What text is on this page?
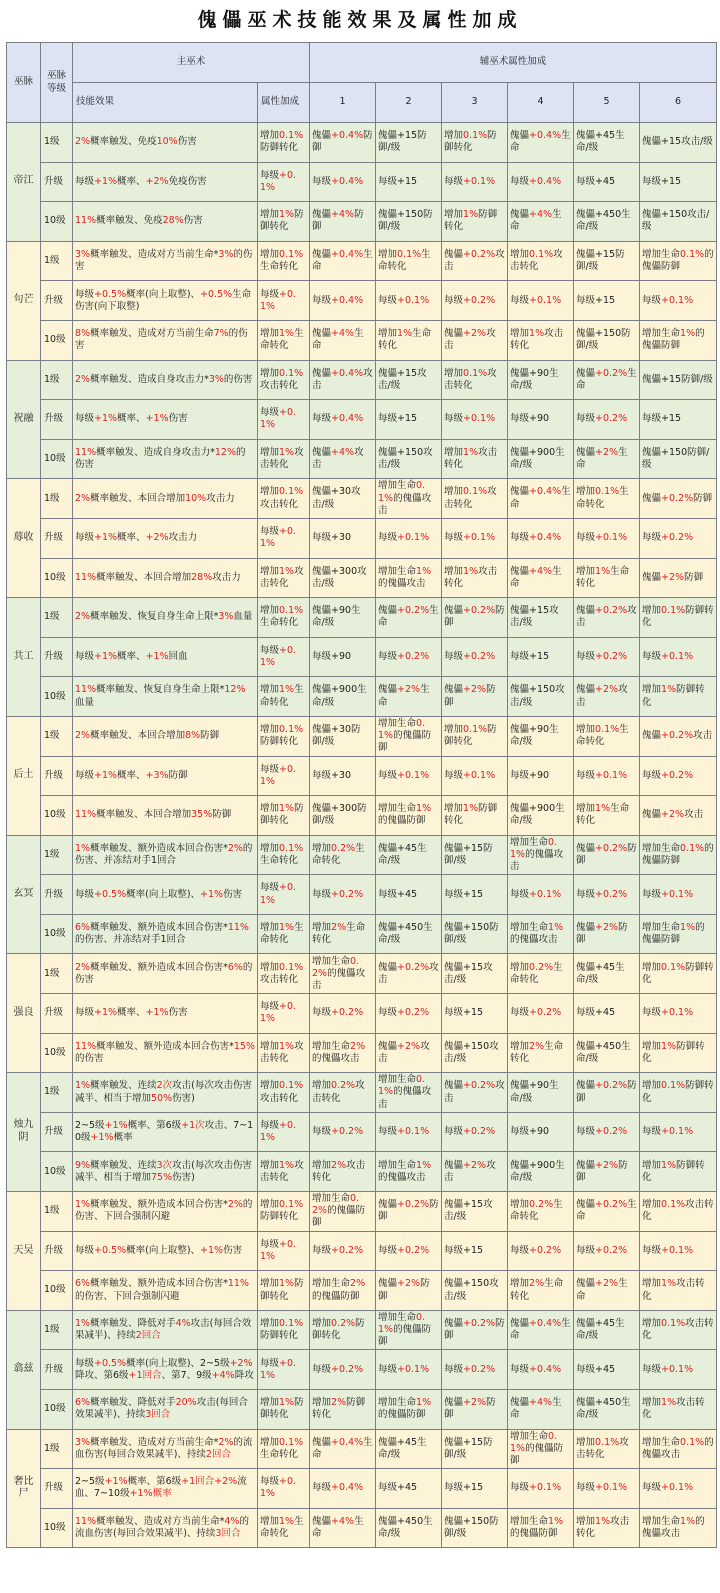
傀儡巫术技能效果及属性加成
巫脉	巫脉等级	主巫术		辅巫术属性加成					
		技能效果	属性加成	1	2	3	4	5	6
帝江	1级	2%概率触发、免疫10%伤害	增加0.1%防御转化	傀儡+0.4%防御	傀儡+15防御/级	增加0.1%防御转化	傀儡+0.4%生命	傀儡+45生命/级	傀儡+15攻击/级
	升级	每级+1%概率、+2%免疫伤害	每级+0.1%	每级+0.4%	每级+15	每级+0.1%	每级+0.4%	每级+45	每级+15
	10级	11%概率触发、免疫28%伤害	增加1%防御转化	傀儡+4%防御	傀儡+150防御/级	增加1%防御转化	傀儡+4%生命	傀儡+450生命/级	傀儡+150攻击/级
句芒	1级	3%概率触发、造成对方当前生命*3%的伤害	增加0.1%生命转化	傀儡+0.4%生命	增加0.1%生命转化	傀儡+0.2%攻击	增加0.1%攻击转化	傀儡+15防御/级	增加生命0.1%的傀儡防御
	升级	每级+0.5%概率(向上取整)、+0.5%生命伤害(向下取整)	每级+0.1%	每级+0.4%	每级+0.1%	每级+0.2%	每级+0.1%	每级+15	每级+0.1%
	10级	8%概率触发、造成对方当前生命7%的伤害	增加1%生命转化	傀儡+4%生命	增加1%生命转化	傀儡+2%攻击	增加1%攻击转化	傀儡+150防御/级	增加生命1%的傀儡防御
祝融	1级	2%概率触发、造成自身攻击力*3%的伤害	增加0.1%攻击转化	傀儡+0.4%攻击	傀儡+15攻击/级	增加0.1%攻击转化	傀儡+90生命/级	傀儡+0.2%生命	傀儡+15防御/级
	升级	每级+1%概率、+1%伤害	每级+0.1%	每级+0.4%	每级+15	每级+0.1%	每级+90	每级+0.2%	每级+15
	10级	11%概率触发、造成自身攻击力*12%的伤害	增加1%攻击转化	傀儡+4%攻击	傀儡+150攻击/级	增加1%攻击转化	傀儡+900生命/级	傀儡+2%生命	傀儡+150防御/级
蓐收	1级	2%概率触发、本回合增加10%攻击力	增加0.1%攻击转化	傀儡+30攻击/级	增加生命0.1%的傀儡攻击	增加0.1%攻击转化	傀儡+0.4%生命	增加0.1%生命转化	傀儡+0.2%防御
	升级	每级+1%概率、+2%攻击力	每级+0.1%	每级+30	每级+0.1%	每级+0.1%	每级+0.4%	每级+0.1%	每级+0.2%
	10级	11%概率触发、本回合增加28%攻击力	增加1%攻击转化	傀儡+300攻击/级	增加生命1%的傀儡攻击	增加1%攻击转化	傀儡+4%生命	增加1%生命转化	傀儡+2%防御
共工	1级	2%概率触发、恢复自身生命上限*3%血量	增加0.1%生命转化	傀儡+90生命/级	傀儡+0.2%生命	傀儡+0.2%防御	傀儡+15攻击/级	傀儡+0.2%攻击	增加0.1%防御转化
	升级	每级+1%概率、+1%回血	每级+0.1%	每级+90	每级+0.2%	每级+0.2%	每级+15	每级+0.2%	每级+0.1%
	10级	11%概率触发、恢复自身生命上限*12%血量	增加1%生命转化	傀儡+900生命/级	傀儡+2%生命	傀儡+2%防御	傀儡+150攻击/级	傀儡+2%攻击	增加1%防御转化
后土	1级	2%概率触发、本回合增加8%防御	增加0.1%防御转化	傀儡+30防御/级	增加生命0.1%的傀儡防御	增加0.1%防御转化	傀儡+90生命/级	增加0.1%生命转化	傀儡+0.2%攻击
	升级	每级+1%概率、+3%防御	每级+0.1%	每级+30	每级+0.1%	每级+0.1%	每级+90	每级+0.1%	每级+0.2%
	10级	11%概率触发、本回合增加35%防御	增加1%防御转化	傀儡+300防御/级	增加生命1%的傀儡防御	增加1%防御转化	傀儡+900生命/级	增加1%生命转化	傀儡+2%攻击
玄冥	1级	1%概率触发、额外造成本回合伤害*2%的伤害、并冻结对手1回合	增加0.1%生命转化	增加0.2%生命转化	傀儡+45生命/级	傀儡+15防御/级	增加生命0.1%的傀儡攻击	傀儡+0.2%防御	增加生命0.1%的傀儡防御
	升级	每级+0.5%概率(向上取整)、+1%伤害	每级+0.1%	每级+0.2%	每级+45	每级+15	每级+0.1%	每级+0.2%	每级+0.1%
	10级	6%概率触发、额外造成本回合伤害*11%的伤害、并冻结对手1回合	增加1%生命转化	增加2%生命转化	傀儡+450生命/级	傀儡+150防御/级	增加生命1%的傀儡攻击	傀儡+2%防御	增加生命1%的傀儡防御
强良	1级	2%概率触发、额外造成本回合伤害*6%的伤害	增加0.1%攻击转化	增加生命0.2%的傀儡攻击	傀儡+0.2%攻击	傀儡+15攻击/级	增加0.2%生命转化	傀儡+45生命/级	增加0.1%防御转化
	升级	每级+1%概率、+1%伤害	每级+0.1%	每级+0.2%	每级+0.2%	每级+15	每级+0.2%	每级+45	每级+0.1%
	10级	11%概率触发、额外造成本回合伤害*15%的伤害	增加1%攻击转化	增加生命2%的傀儡攻击	傀儡+2%攻击	傀儡+150攻击/级	增加2%生命转化	傀儡+450生命/级	增加1%防御转化
烛九阴	1级	1%概率触发、连续2次攻击(每次攻击伤害减半、相当于增加50%伤害)	增加0.1%攻击转化	增加0.2%攻击转化	增加生命0.1%的傀儡攻击	傀儡+0.2%攻击	傀儡+90生命/级	傀儡+0.2%防御	增加0.1%防御转化
	升级	2~5级+1%概率、第6级+1次攻击、7~10级+1%概率	每级+0.1%	每级+0.2%	每级+0.1%	每级+0.2%	每级+90	每级+0.2%	每级+0.1%
	10级	9%概率触发、连续3次攻击(每次攻击伤害减半、相当于增加75%伤害)	增加1%攻击转化	增加2%攻击转化	增加生命1%的傀儡攻击	傀儡+2%攻击	傀儡+900生命/级	傀儡+2%防御	增加1%防御转化
天吴	1级	1%概率触发、额外造成本回合伤害*2%的伤害、下回合强制闪避	增加0.1%防御转化	增加生命0.2%的傀儡防御	傀儡+0.2%防御	傀儡+15攻击/级	增加0.2%生命转化	傀儡+0.2%生命	增加0.1%攻击转化
	升级	每级+0.5%概率(向上取整)、+1%伤害	每级+0.1%	每级+0.2%	每级+0.2%	每级+15	每级+0.2%	每级+0.2%	每级+0.1%
	10级	6%概率触发、额外造成本回合伤害*11%的伤害、下回合强制闪避	增加1%防御转化	增加生命2%的傀儡防御	傀儡+2%防御	傀儡+150攻击/级	增加2%生命转化	傀儡+2%生命	增加1%攻击转化
翕兹	1级	1%概率触发、降低对手4%攻击(每回合效果减半)、持续2回合	增加0.1%防御转化	增加0.2%防御转化	增加生命0.1%的傀儡防御	傀儡+0.2%防御	傀儡+0.4%生命	傀儡+45生命/级	增加0.1%攻击转化
	升级	每级+0.5%概率(向上取整)、2~5级+2%降攻、第6级+1回合、第7、9级+4%降攻	每级+0.1%	每级+0.2%	每级+0.1%	每级+0.2%	每级+0.4%	每级+45	每级+0.1%
	10级	6%概率触发、降低对手20%攻击(每回合效果减半)、持续3回合	增加1%防御转化	增加2%防御转化	增加生命1%的傀儡防御	傀儡+2%防御	傀儡+4%生命	傀儡+450生命/级	增加1%攻击转化
奢比尸	1级	3%概率触发、造成对方当前生命*2%的流血伤害(每回合效果减半)、持续2回合	增加0.1%生命转化	傀儡+0.4%生命	傀儡+45生命/级	傀儡+15防御/级	增加生命0.1%的傀儡防御	增加0.1%攻击转化	增加生命0.1%的傀儡攻击
	升级	2~5级+1%概率、第6级+1回合+2%流血、7~10级+1%概率	每级+0.1%	每级+0.4%	每级+45	每级+15	每级+0.1%	每级+0.1%	每级+0.1%
	10级	11%概率触发、造成对方当前生命*4%的流血伤害(每回合效果减半)、持续3回合	增加1%生命转化	傀儡+4%生命	傀儡+450生命/级	傀儡+150防御/级	增加生命1%的傀儡防御	增加1%攻击转化	增加生命1%的傀儡攻击
